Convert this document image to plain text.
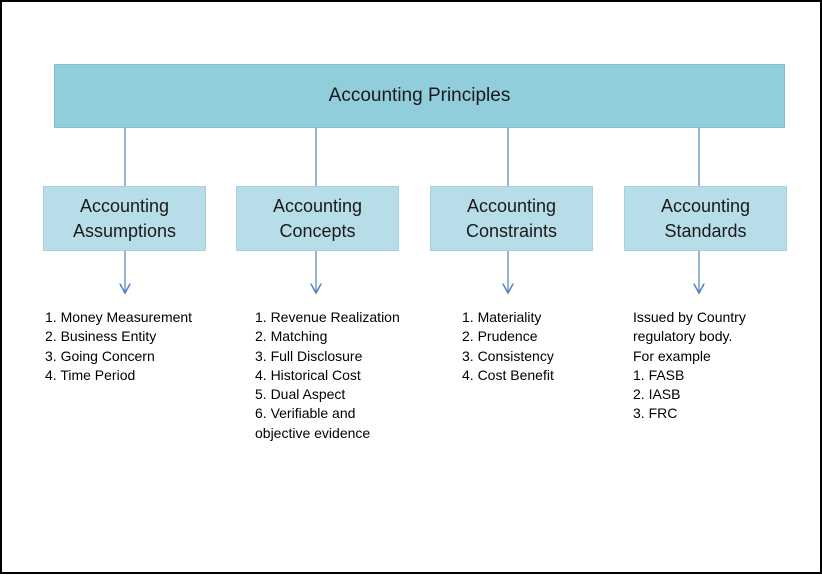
Accounting Principles
Accounting
Assumptions
1. Money Measurement
2. Business Entity
3. Going Concern
4. Time Period
Accounting
Concepts
1. Revenue Realization
2. Matching
3. Full Disclosure
4. Historical Cost
5. Dual Aspect
6. Verifiable and
objective evidence
Accounting
Constraints
1. Materiality
2. Prudence
3. Consistency
4. Cost Benefit
Accounting
Standards
Issued by Country
regulatory body.
For example
1. FASB
2. IASB
3. FRC
